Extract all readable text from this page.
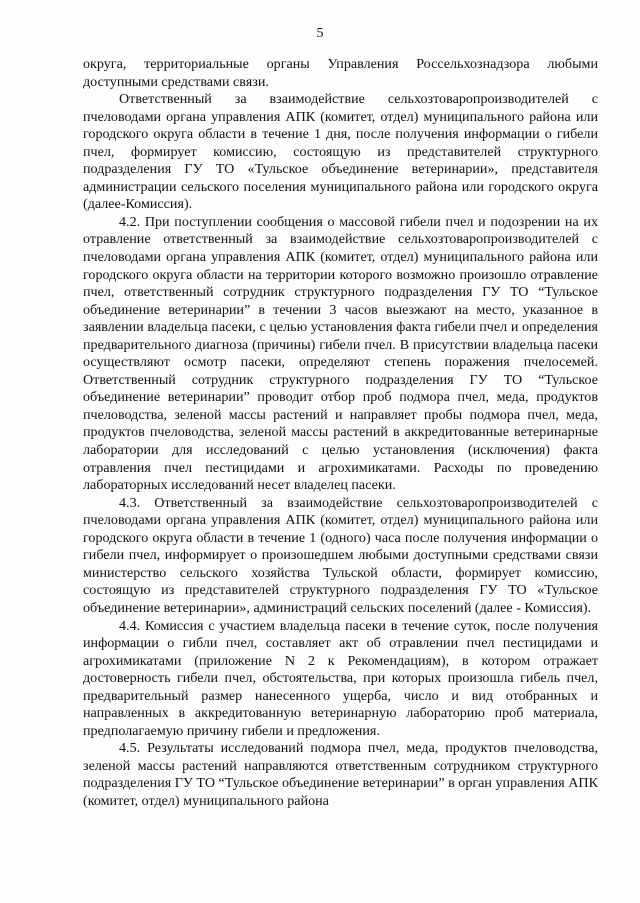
5

округа, территориальные органы Управления Россельхознадзора любыми доступными средствами связи.

Ответственный за взаимодействие сельхозтоваропроизводителей с пчеловодами органа управления АПК (комитет, отдел) муниципального района или городского округа области в течение 1 дня, после получения информации о гибели пчел, формирует комиссию, состоящую из представителей структурного подразделения ГУ ТО «Тульское объединение ветеринарии», представителя администрации сельского поселения муниципального района или городского округа (далее-Комиссия).

4.2. При поступлении сообщения о массовой гибели пчел и подозрении на их отравление ответственный за взаимодействие сельхозтоваропроизводителей с пчеловодами органа управления АПК (комитет, отдел) муниципального района или городского округа области на территории которого возможно произошло отравление пчел, ответственный сотрудник структурного подразделения ГУ ТО “Тульское объединение ветеринарии” в течении 3 часов выезжают на место, указанное в заявлении владельца пасеки, с целью установления факта гибели пчел и определения предварительного диагноза (причины) гибели пчел. В присутствии владельца пасеки осуществляют осмотр пасеки, определяют степень поражения пчелосемей. Ответственный сотрудник структурного подразделения ГУ ТО “Тульское объединение ветеринарии” проводит отбор проб подмора пчел, меда, продуктов пчеловодства, зеленой массы растений и направляет пробы подмора пчел, меда, продуктов пчеловодства, зеленой массы растений в аккредитованные ветеринарные лаборатории для исследований с целью установления (исключения) факта отравления пчел пестицидами и агрохимикатами. Расходы по проведению лабораторных исследований несет владелец пасеки.

4.3. Ответственный за взаимодействие сельхозтоваропроизводителей с пчеловодами органа управления АПК (комитет, отдел) муниципального района или городского округа области в течение 1 (одного) часа после получения информации о гибели пчел, информирует о произошедшем любыми доступными средствами связи министерство сельского хозяйства Тульской области, формирует комиссию, состоящую из представителей структурного подразделения ГУ ТО «Тульское объединение ветеринарии», администраций сельских поселений (далее - Комиссия).

4.4. Комиссия с участием владельца пасеки в течение суток, после получения информации о гибли пчел, составляет акт об отравлении пчел пестицидами и агрохимикатами (приложение N 2 к Рекомендациям), в котором отражает достоверность гибели пчел, обстоятельства, при которых произошла гибель пчел, предварительный размер нанесенного ущерба, число и вид отобранных и направленных в аккредитованную ветеринарную лабораторию проб материала, предполагаемую причину гибели и предложения.

4.5. Результаты исследований подмора пчел, меда, продуктов пчеловодства, зеленой массы растений направляются ответственным сотрудником структурного подразделения ГУ ТО “Тульское объединение ветеринарии” в орган управления АПК (комитет, отдел) муниципального района
